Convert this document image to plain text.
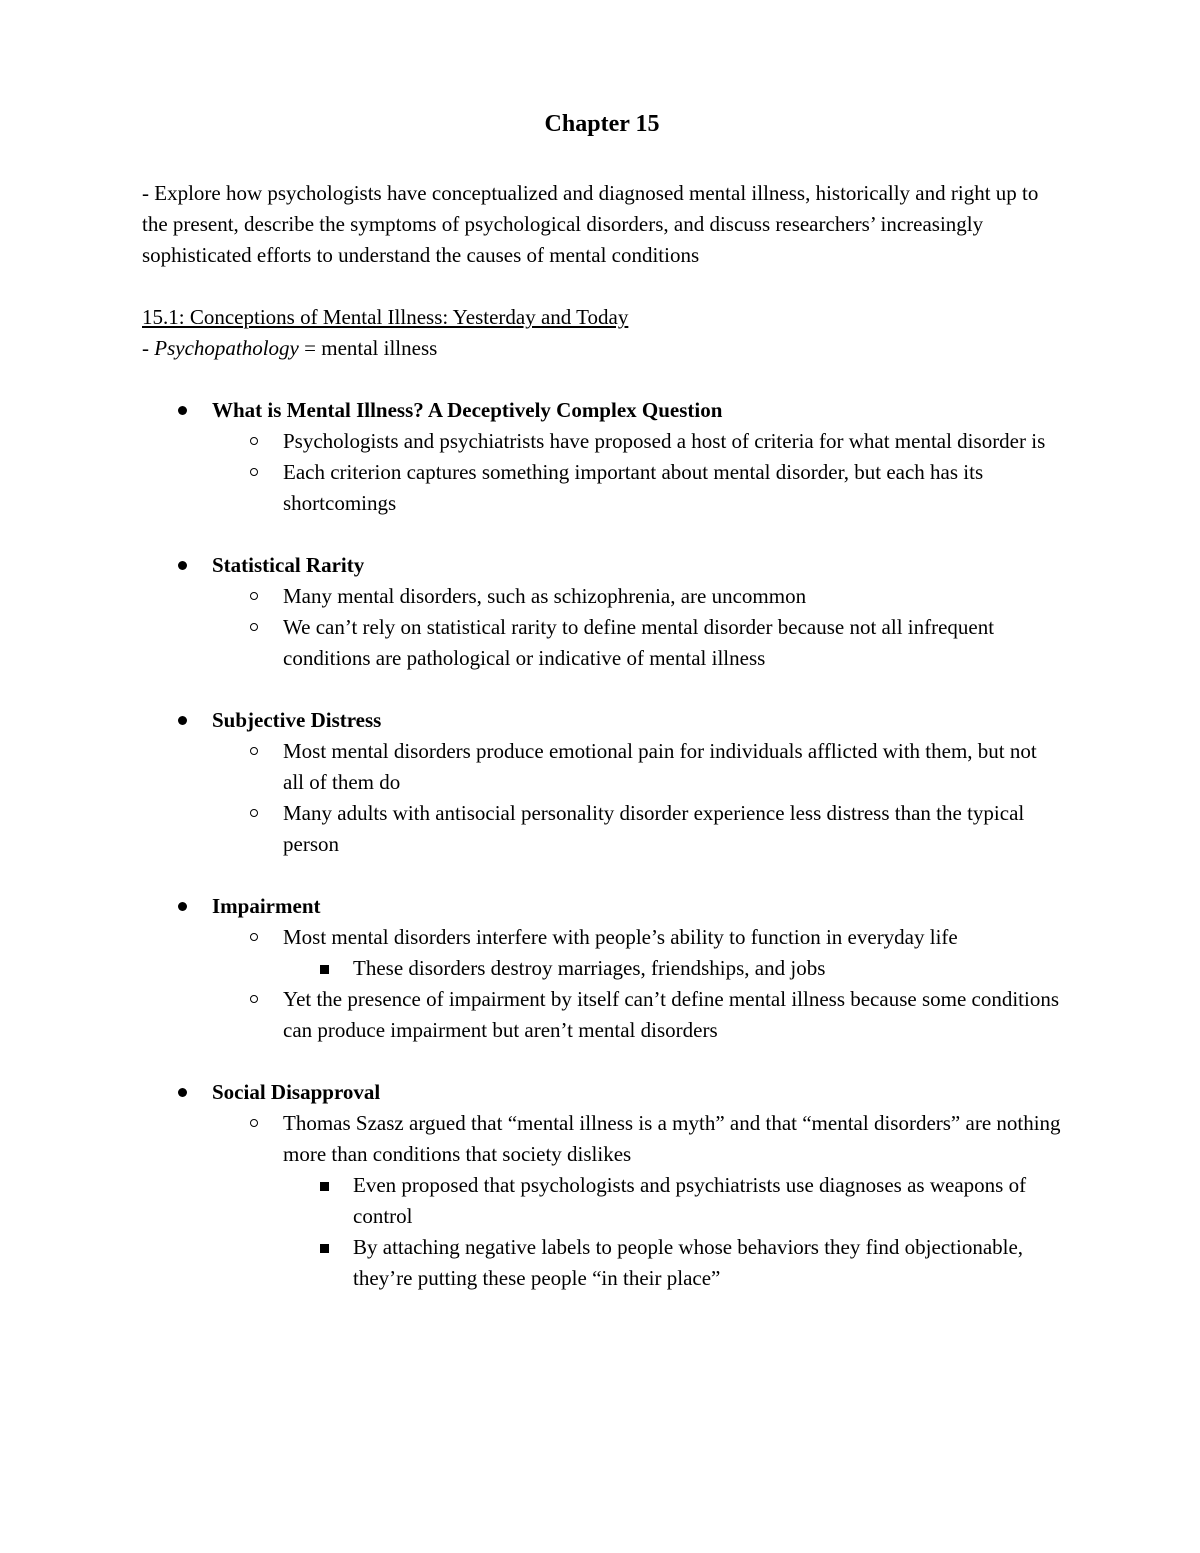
Chapter 15

- Explore how psychologists have conceptualized and diagnosed mental illness, historically and right up to the present, describe the symptoms of psychological disorders, and discuss researchers’ increasingly sophisticated efforts to understand the causes of mental conditions

15.1: Conceptions of Mental Illness: Yesterday and Today
- Psychopathology = mental illness
What is Mental Illness? A Deceptively Complex Question
Psychologists and psychiatrists have proposed a host of criteria for what mental disorder is
Each criterion captures something important about mental disorder, but each has its shortcomings
Statistical Rarity
Many mental disorders, such as schizophrenia, are uncommon
We can’t rely on statistical rarity to define mental disorder because not all infrequent conditions are pathological or indicative of mental illness
Subjective Distress
Most mental disorders produce emotional pain for individuals afflicted with them, but not all of them do
Many adults with antisocial personality disorder experience less distress than the typical person
Impairment
Most mental disorders interfere with people’s ability to function in everyday life
These disorders destroy marriages, friendships, and jobs
Yet the presence of impairment by itself can’t define mental illness because some conditions can produce impairment but aren’t mental disorders
Social Disapproval
Thomas Szasz argued that “mental illness is a myth” and that “mental disorders” are nothing more than conditions that society dislikes
Even proposed that psychologists and psychiatrists use diagnoses as weapons of control
By attaching negative labels to people whose behaviors they find objectionable, they’re putting these people “in their place”
